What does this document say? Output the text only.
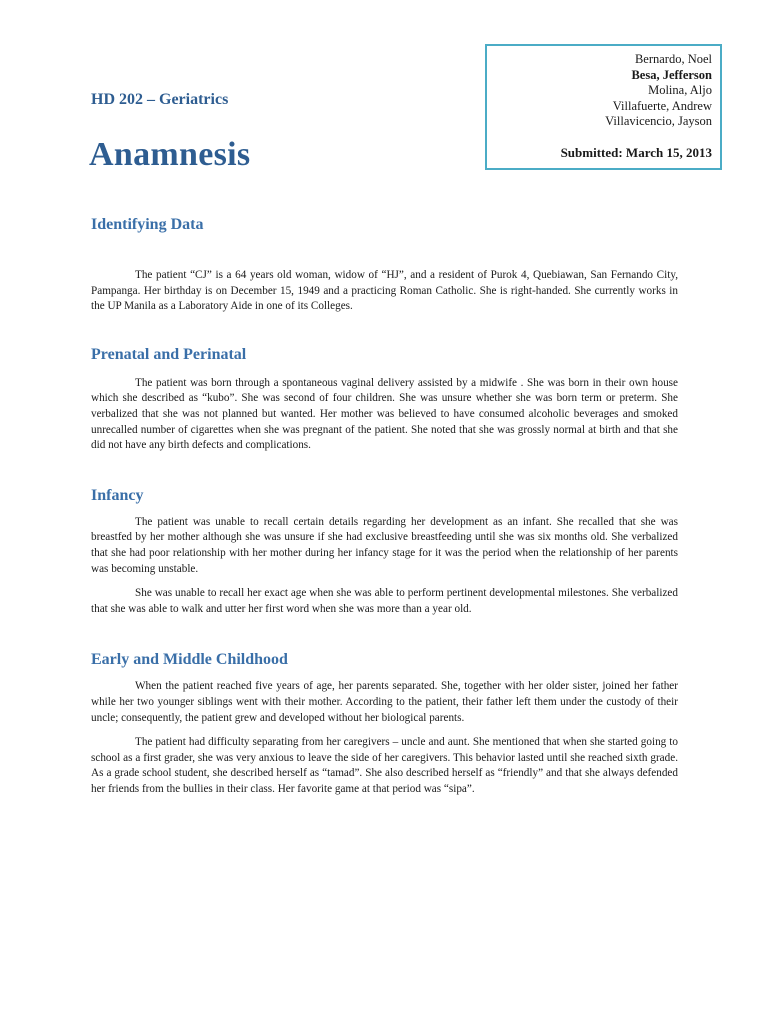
Bernardo, Noel
Besa, Jefferson
Molina, Aljo
Villafuerte, Andrew
Villavicencio, Jayson
Submitted: March 15, 2013
HD 202 – Geriatrics
Anamnesis
Identifying Data

The patient “CJ” is a 64 years old woman, widow of “HJ”, and a resident of Purok 4, Quebiawan, San Fernando City, Pampanga. Her birthday is on December 15, 1949 and a practicing Roman Catholic. She is right-handed. She currently works in the UP Manila as a Laboratory Aide in one of its Colleges.

Prenatal and Perinatal

The patient was born through a spontaneous vaginal delivery assisted by a midwife . She was born in their own house which she described as “kubo”. She was second of four children. She was unsure whether she was born term or preterm. She verbalized that she was not planned but wanted. Her mother was believed to have consumed alcoholic beverages and smoked unrecalled number of cigarettes when she was pregnant of the patient. She noted that she was grossly normal at birth and that she did not have any birth defects and complications.

Infancy

The patient was unable to recall certain details regarding her development as an infant. She recalled that she was breastfed by her mother although she was unsure if she had exclusive breastfeeding until she was six months old. She verbalized that she had poor relationship with her mother during her infancy stage for it was the period when the relationship of her parents was becoming unstable.

She was unable to recall her exact age when she was able to perform pertinent developmental milestones. She verbalized that she was able to walk and utter her first word when she was more than a year old.

Early and Middle Childhood

When the patient reached five years of age, her parents separated. She, together with her older sister, joined her father while her two younger siblings went with their mother. According to the patient, their father left them under the custody of their uncle; consequently, the patient grew and developed without her biological parents.

The patient had difficulty separating from her caregivers – uncle and aunt. She mentioned that when she started going to school as a first grader, she was very anxious to leave the side of her caregivers. This behavior lasted until she reached sixth grade. As a grade school student, she described herself as “tamad”. She also described herself as “friendly” and that she always defended her friends from the bullies in their class. Her favorite game at that period was “sipa”.
